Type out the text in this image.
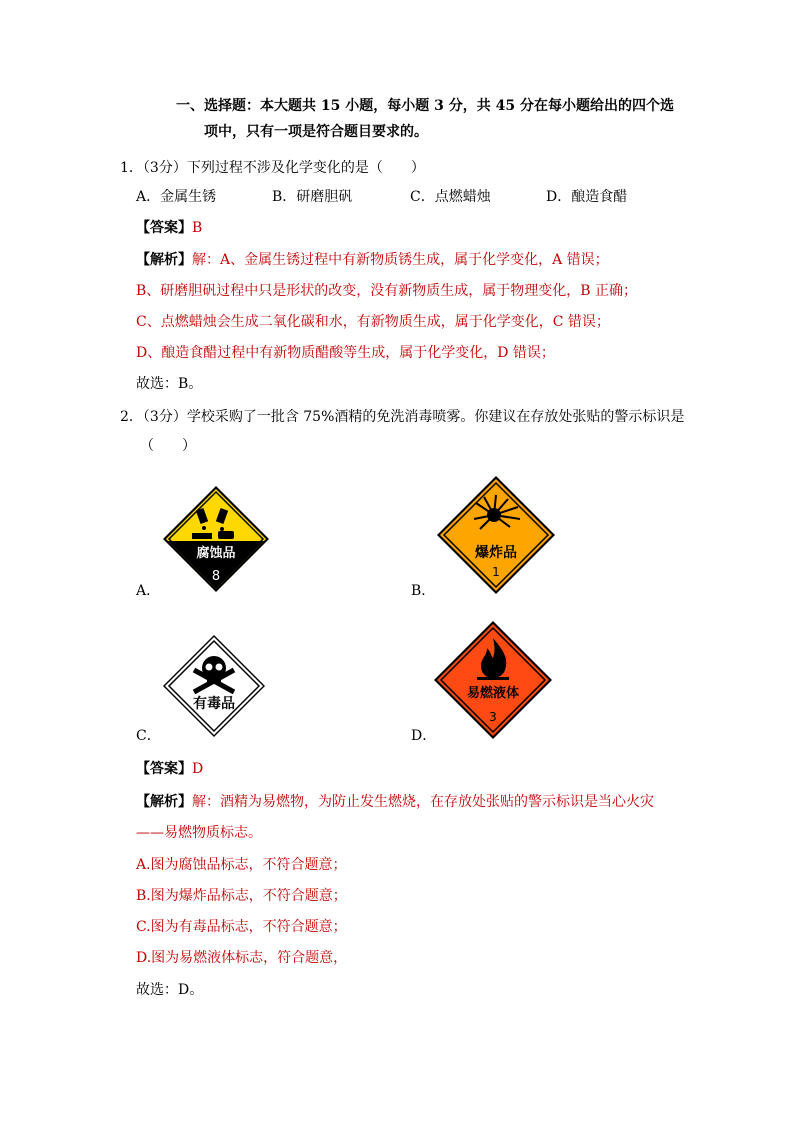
一、选择题：本大题共 15 小题，每小题 3 分，共 45 分在每小题给出的四个选
项中，只有一项是符合题目要求的。
1．（3分）下列过程不涉及化学变化的是（　　）
A．金属生锈	B．研磨胆矾	C．点燃蜡烛	D．酿造食醋
【答案】B
【解析】解：A、金属生锈过程中有新物质锈生成，属于化学变化，A 错误；
B、研磨胆矾过程中只是形状的改变，没有新物质生成，属于物理变化，B 正确；
C、点燃蜡烛会生成二氧化碳和水，有新物质生成，属于化学变化，C 错误；
D、酿造食醋过程中有新物质醋酸等生成，属于化学变化，D 错误；
故选：B。
2．（3分）学校采购了一批含 75%酒精的免洗消毒喷雾。你建议在存放处张贴的警示标识是
（　　）
腐蚀品
8
A．
爆炸品
1
B．
有毒品
C．
易燃液体
3
D．
【答案】D
【解析】解：酒精为易燃物，为防止发生燃烧，在存放处张贴的警示标识是当心火灾
——易燃物质标志。
A.图为腐蚀品标志，不符合题意；
B.图为爆炸品标志，不符合题意；
C.图为有毒品标志，不符合题意；
D.图为易燃液体标志，符合题意，
故选：D。
